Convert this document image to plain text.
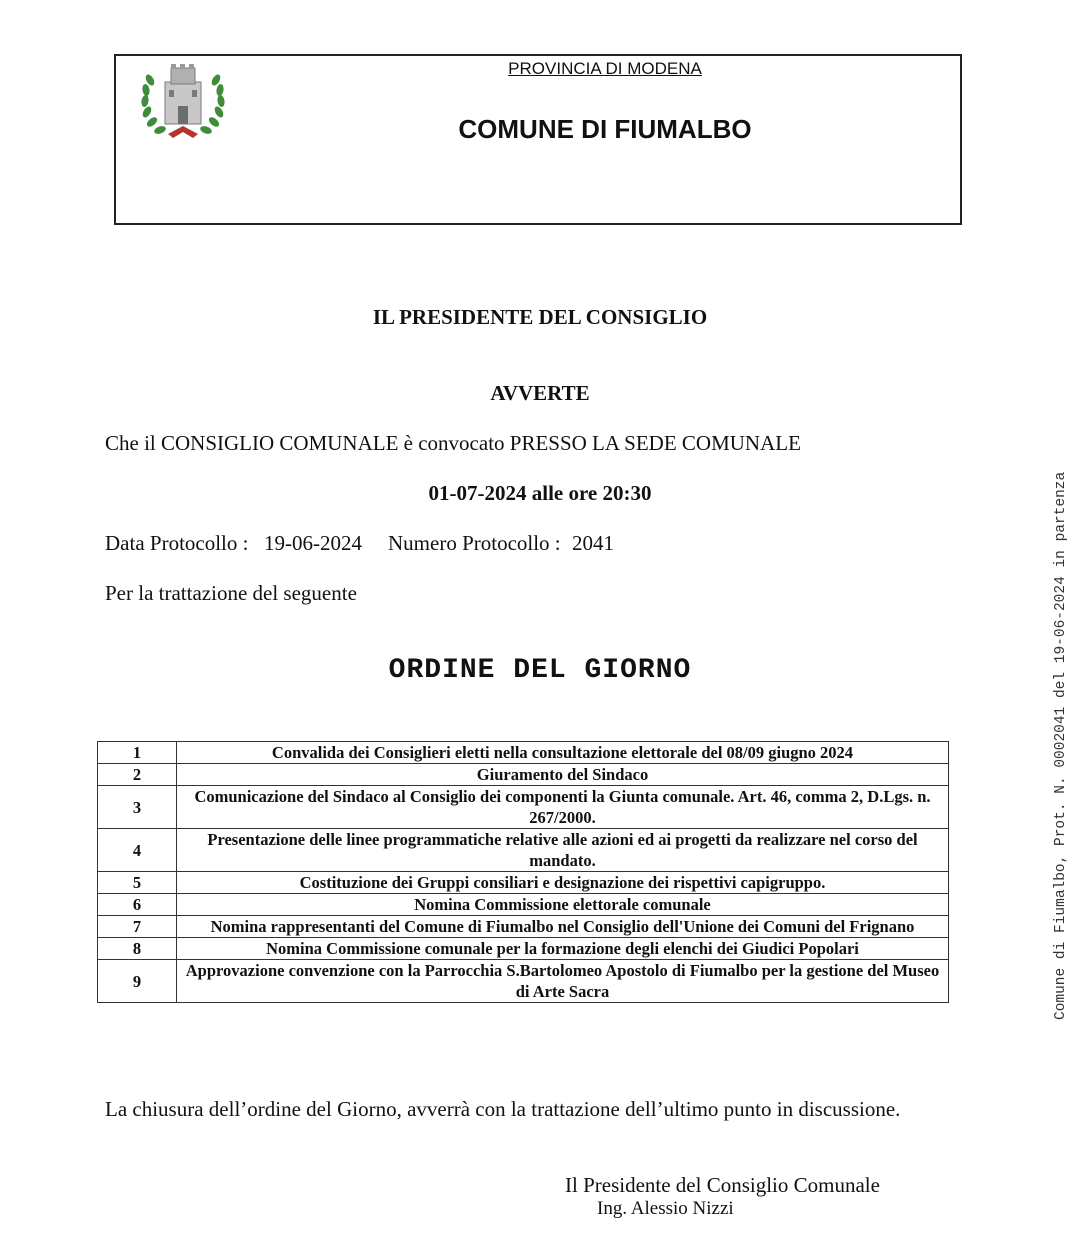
PROVINCIA DI MODENA
COMUNE DI FIUMALBO
IL PRESIDENTE DEL CONSIGLIO
AVVERTE
Che il CONSIGLIO COMUNALE è convocato PRESSO LA SEDE COMUNALE
01-07-2024 alle ore 20:30
Data Protocollo : 19-06-2024 Numero Protocollo : 2041
Per la trattazione del seguente
ORDINE DEL GIORNO
1	Convalida dei Consiglieri eletti nella consultazione elettorale del 08/09 giugno 2024
2	Giuramento del Sindaco
3	Comunicazione del Sindaco al Consiglio dei componenti la Giunta comunale. Art. 46, comma 2, D.Lgs. n. 267/2000.
4	Presentazione delle linee programmatiche relative alle azioni ed ai progetti da realizzare nel corso del mandato.
5	Costituzione dei Gruppi consiliari e designazione dei rispettivi capigruppo.
6	Nomina Commissione elettorale comunale
7	Nomina rappresentanti del Comune di Fiumalbo nel Consiglio dell'Unione dei Comuni del Frignano
8	Nomina Commissione comunale per la formazione degli elenchi dei Giudici Popolari
9	Approvazione convenzione con la Parrocchia S.Bartolomeo Apostolo di Fiumalbo per la gestione del Museo di Arte Sacra
La chiusura dell’ordine del Giorno, avverrà con la trattazione dell’ultimo punto in discussione.
Il Presidente del Consiglio Comunale
Ing. Alessio Nizzi
Comune di Fiumalbo, Prot. N. 0002041 del 19-06-2024 in partenza
